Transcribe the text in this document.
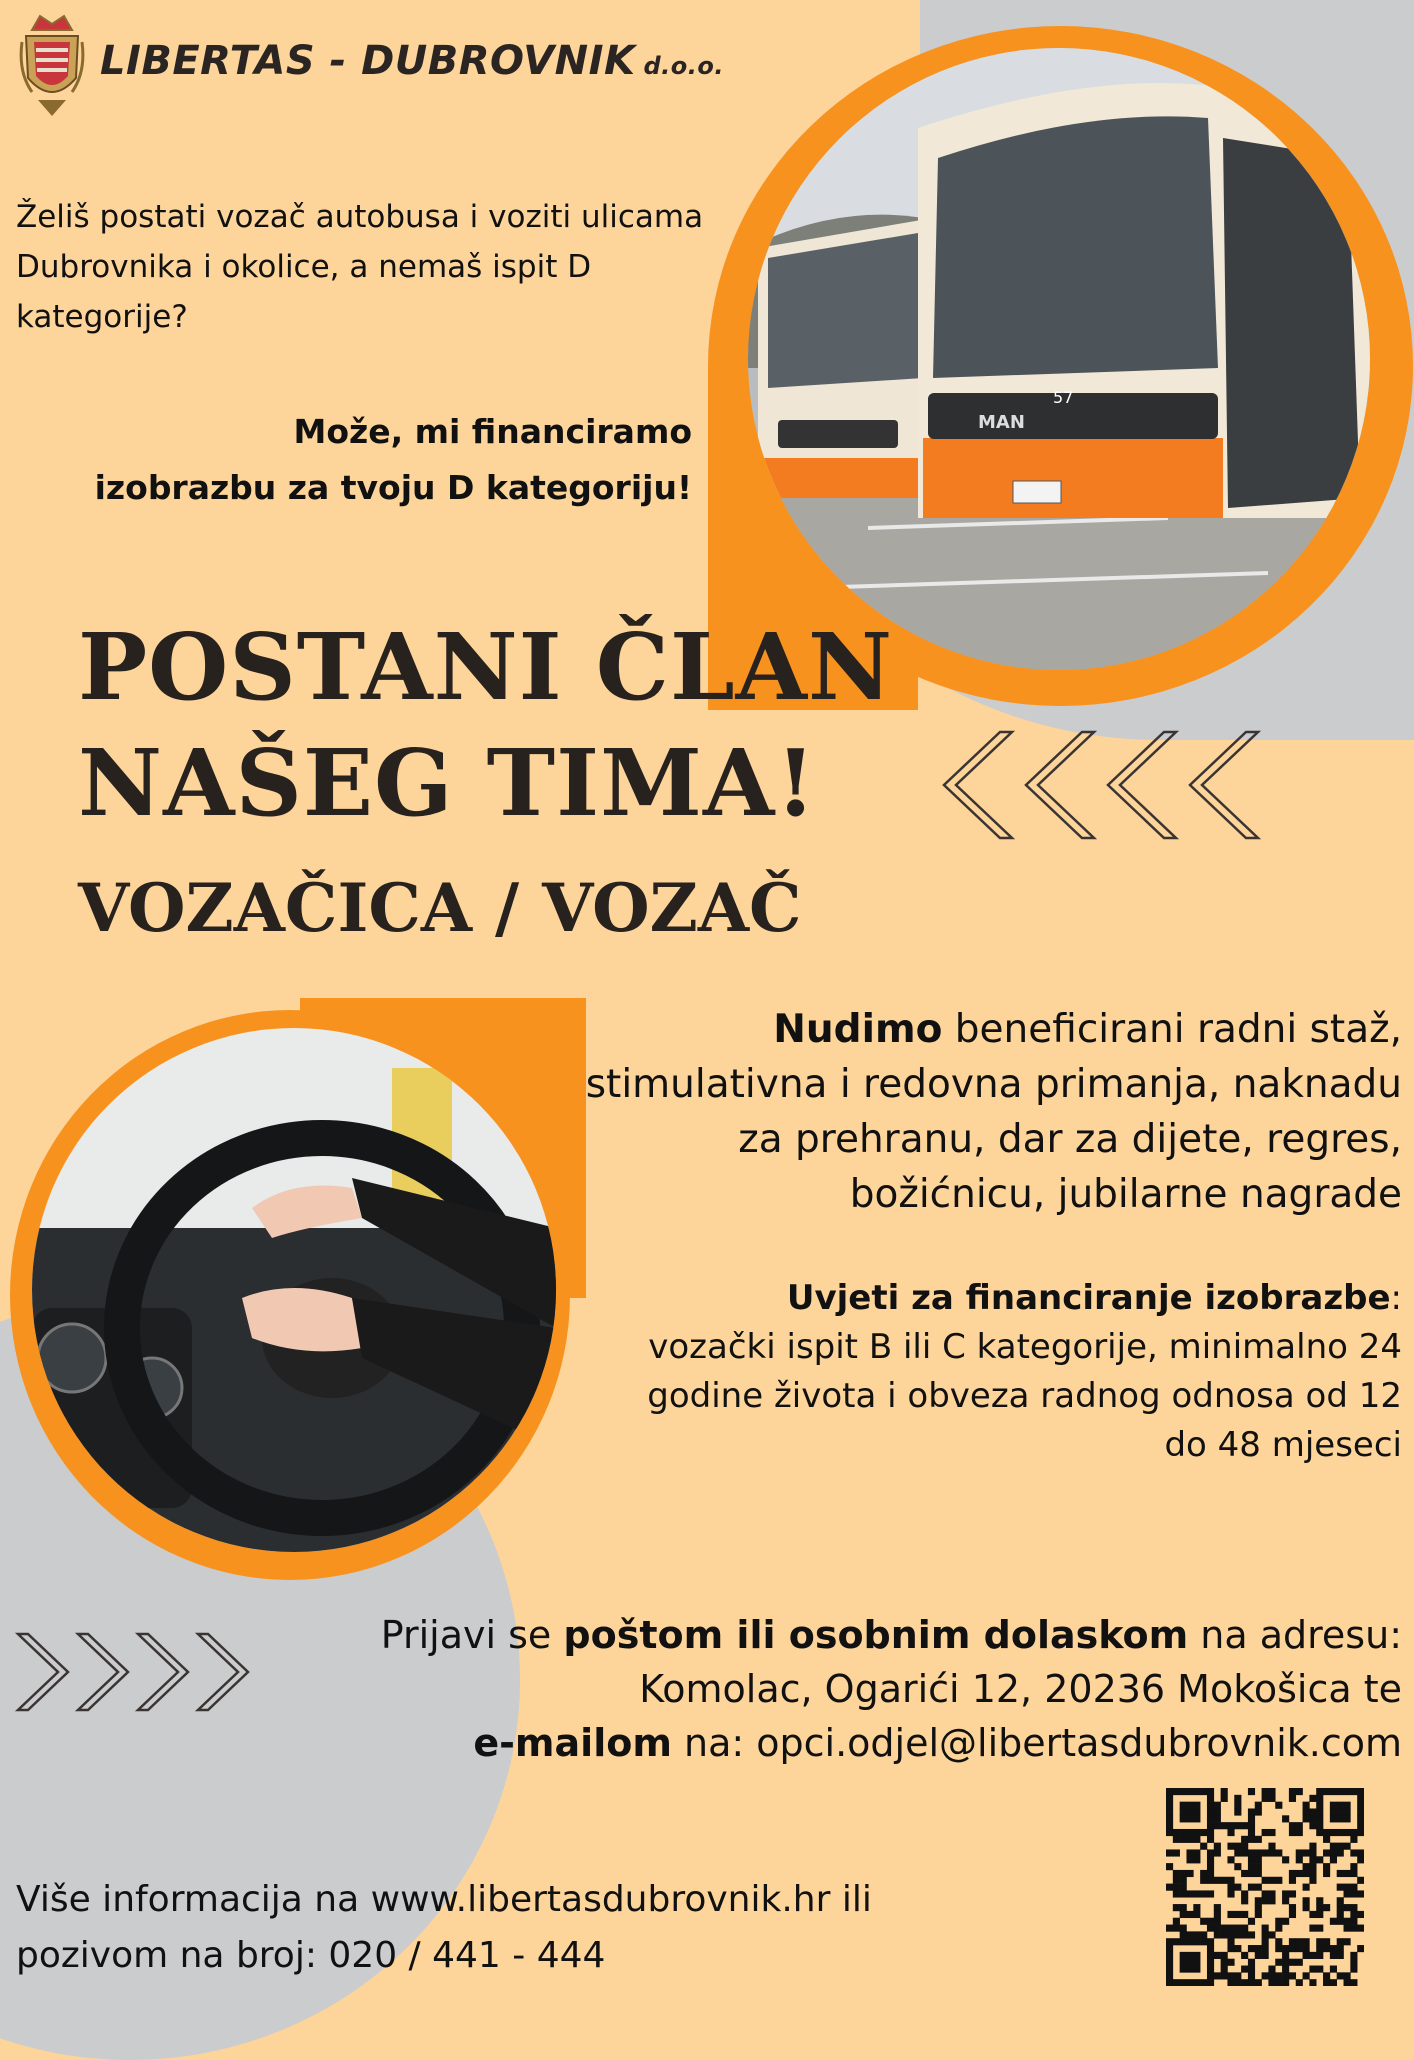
MAN
57
LIBERTAS - DUBROVNIK d.o.o.
Želiš postati vozač autobusa i voziti ulicama Dubrovnika i okolice, a nemaš ispit D kategorije?
Može, mi financiramo
izobrazbu za tvoju D kategoriju!
POSTANI ČLAN
NAŠEG TIMA!
VOZAČICA / VOZAČ
Nudimo beneficirani radni staž, stimulativna i redovna primanja, naknadu za prehranu, dar za dijete, regres, božićnicu, jubilarne nagrade
Uvjeti za financiranje izobrazbe:
vozački ispit B ili C kategorije, minimalno 24 godine života i obveza radnog odnosa od 12 do 48 mjeseci
Prijavi se poštom ili osobnim dolaskom na adresu:
Komolac, Ogarići 12, 20236 Mokošica te
e-mailom na: opci.odjel@libertasdubrovnik.com
Više informacija na www.libertasdubrovnik.hr ili
pozivom na broj: 020 / 441 - 444
